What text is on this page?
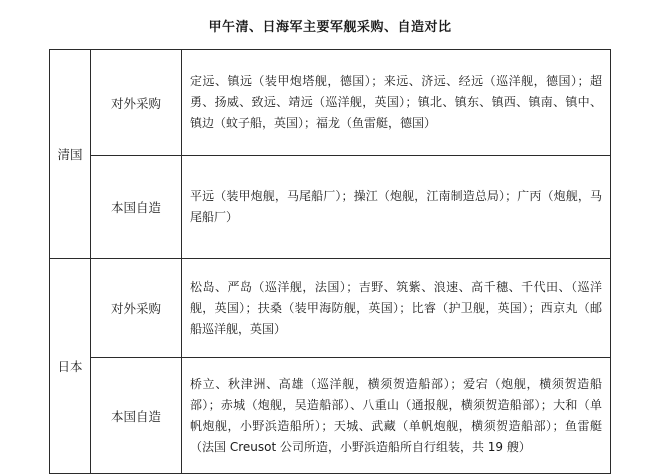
甲午清、日海军主要军舰采购、自造对比
清国	对外采购	定远、镇远（装甲炮塔舰，德国）；来远、济远、经远（巡洋舰，德国）；超勇、扬威、致远、靖远（巡洋舰，英国）；镇北、镇东、镇西、镇南、镇中、镇边（蚊子船，英国）；福龙（鱼雷艇，德国）
	本国自造	平远（装甲炮舰，马尾船厂）；操江（炮舰，江南制造总局）；广丙（炮舰，马尾船厂）
日本	对外采购	松岛、严岛（巡洋舰，法国）；吉野、筑紫、浪速、高千穗、千代田、（巡洋舰，英国）；扶桑（装甲海防舰，英国）；比睿（护卫舰，英国）；西京丸（邮船巡洋舰，英国）
	本国自造	桥立、秋津洲、高雄（巡洋舰，横须贺造船部）；爱宕（炮舰，横须贺造船部）；赤城（炮舰，吴造船部）、八重山（通报舰，横须贺造船部）；大和（单帆炮舰，小野浜造船所）；天城、武藏（单帆炮舰，横须贺造船部）；鱼雷艇（法国 Creusot 公司所造，小野浜造船所自行组装，共 19 艘）
